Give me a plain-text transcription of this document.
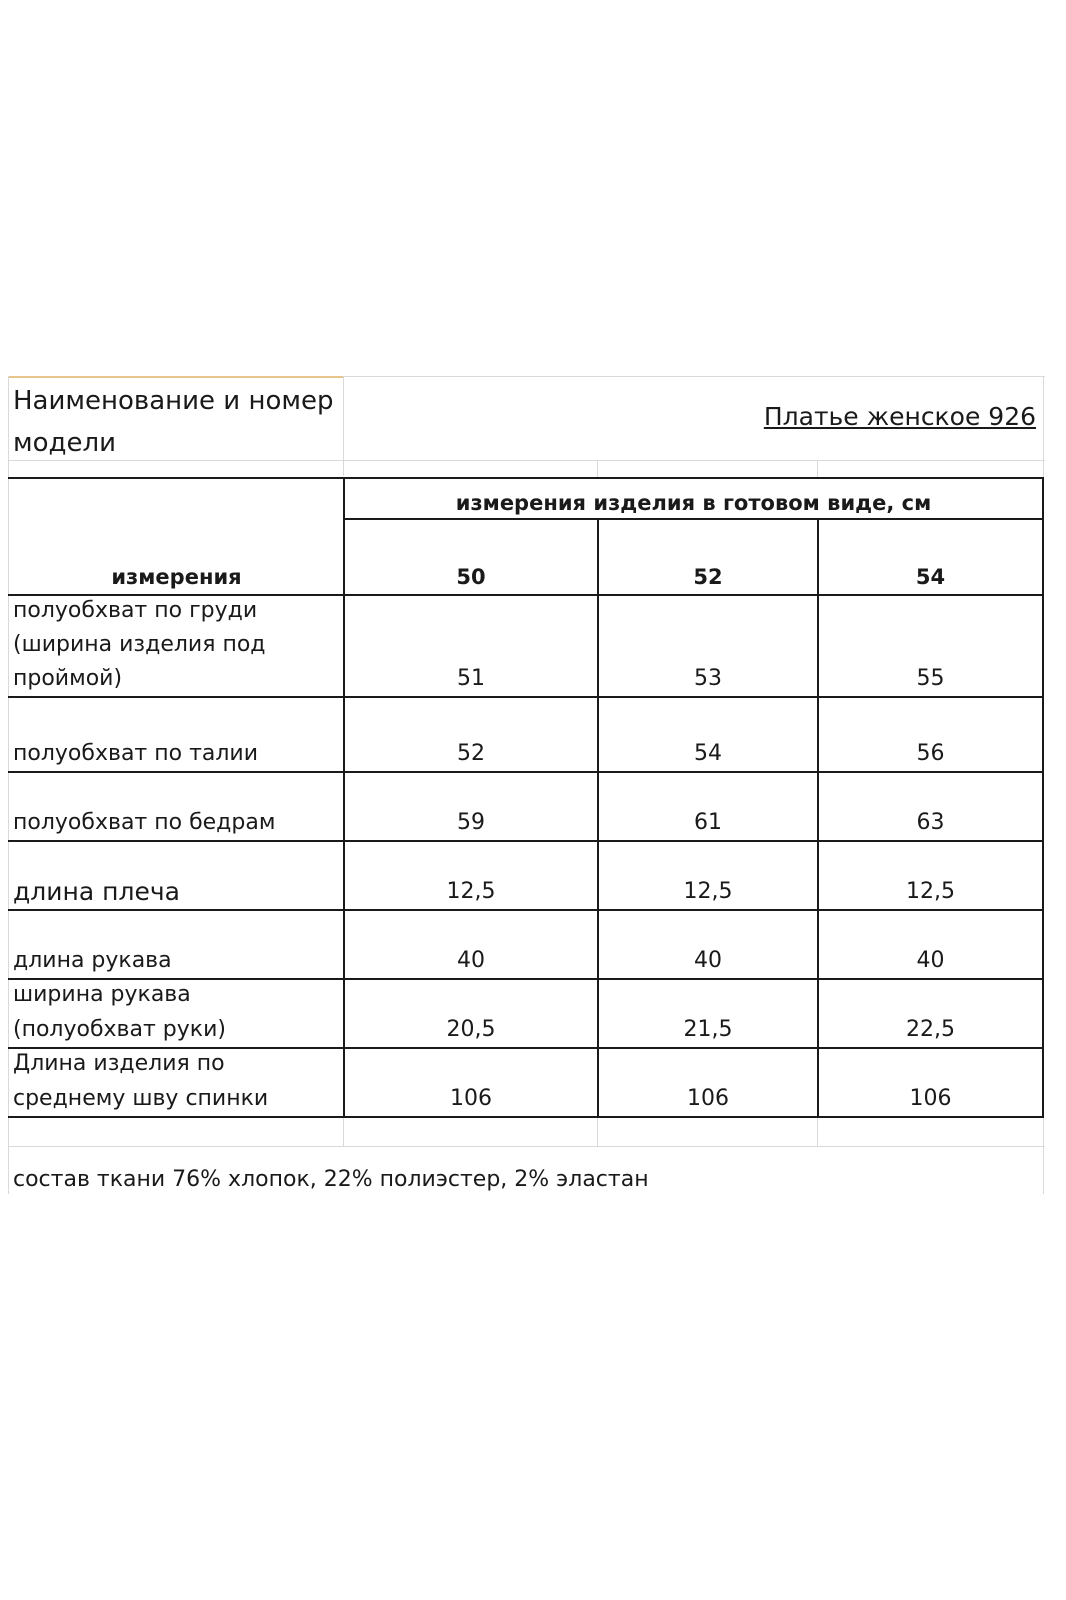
Наименование и номер модели
Платье женское 926
измерения изделия в готовом виде, см
измерения	50	52	54
полуобхват по груди
(ширина изделия под
проймой)	51	53	55
полуобхват по талии	52	54	56
полуобхват по бедрам	59	61	63
длина плеча	12,5	12,5	12,5
длина рукава	40	40	40
ширина рукава
(полуобхват руки)	20,5	21,5	22,5
Длина изделия по
среднему шву спинки	106	106	106
состав ткани 76% хлопок, 22% полиэстер, 2% эластан
